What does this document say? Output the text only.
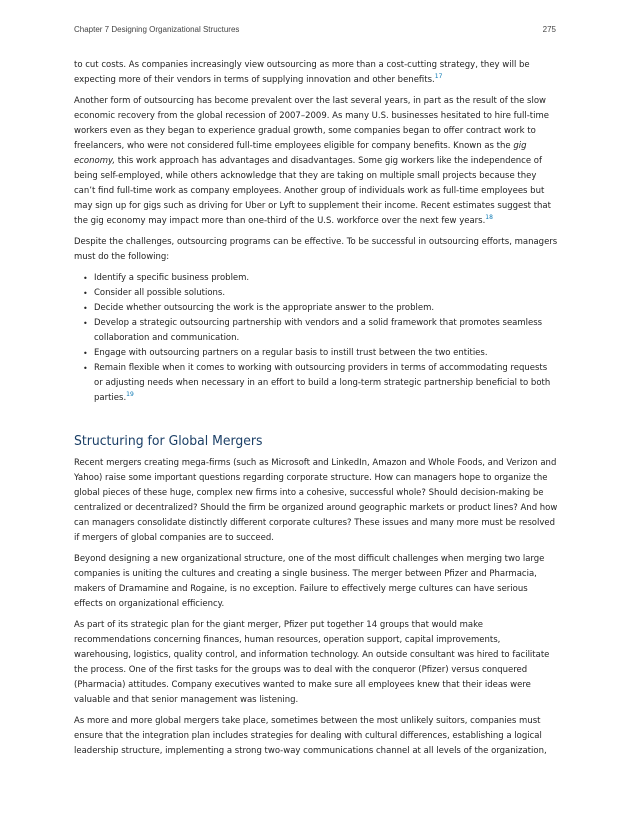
Chapter 7 Designing Organizational Structures	275

to cut costs. As companies increasingly view outsourcing as more than a cost-cutting strategy, they will be expecting more of their vendors in terms of supplying innovation and other benefits.$^{17}$

Another form of outsourcing has become prevalent over the last several years, in part as the result of the slow economic recovery from the global recession of 2007–2009. As many U.S. businesses hesitated to hire full-time workers even as they began to experience gradual growth, some companies began to offer contract work to freelancers, who were not considered full-time employees eligible for company benefits. Known as the gig economy, this work approach has advantages and disadvantages. Some gig workers like the independence of being self-employed, while others acknowledge that they are taking on multiple small projects because they can’t find full-time work as company employees. Another group of individuals work as full-time employees but may sign up for gigs such as driving for Uber or Lyft to supplement their income. Recent estimates suggest that the gig economy may impact more than one-third of the U.S. workforce over the next few years.$^{18}$

Despite the challenges, outsourcing programs can be effective. To be successful in outsourcing efforts, managers must do the following:

• Identify a specific business problem.
• Consider all possible solutions.
• Decide whether outsourcing the work is the appropriate answer to the problem.
• Develop a strategic outsourcing partnership with vendors and a solid framework that promotes seamless collaboration and communication.
• Engage with outsourcing partners on a regular basis to instill trust between the two entities.
• Remain flexible when it comes to working with outsourcing providers in terms of accommodating requests or adjusting needs when necessary in an effort to build a long-term strategic partnership beneficial to both parties.$^{19}$
Structuring for Global Mergers

Recent mergers creating mega-firms (such as Microsoft and LinkedIn, Amazon and Whole Foods, and Verizon and Yahoo) raise some important questions regarding corporate structure. How can managers hope to organize the global pieces of these huge, complex new firms into a cohesive, successful whole? Should decision-making be centralized or decentralized? Should the firm be organized around geographic markets or product lines? And how can managers consolidate distinctly different corporate cultures? These issues and many more must be resolved if mergers of global companies are to succeed.

Beyond designing a new organizational structure, one of the most difficult challenges when merging two large companies is uniting the cultures and creating a single business. The merger between Pfizer and Pharmacia, makers of Dramamine and Rogaine, is no exception. Failure to effectively merge cultures can have serious effects on organizational efficiency.

As part of its strategic plan for the giant merger, Pfizer put together 14 groups that would make recommendations concerning finances, human resources, operation support, capital improvements, warehousing, logistics, quality control, and information technology. An outside consultant was hired to facilitate the process. One of the first tasks for the groups was to deal with the conqueror (Pfizer) versus conquered (Pharmacia) attitudes. Company executives wanted to make sure all employees knew that their ideas were valuable and that senior management was listening.

As more and more global mergers take place, sometimes between the most unlikely suitors, companies must ensure that the integration plan includes strategies for dealing with cultural differences, establishing a logical leadership structure, implementing a strong two-way communications channel at all levels of the organization,
